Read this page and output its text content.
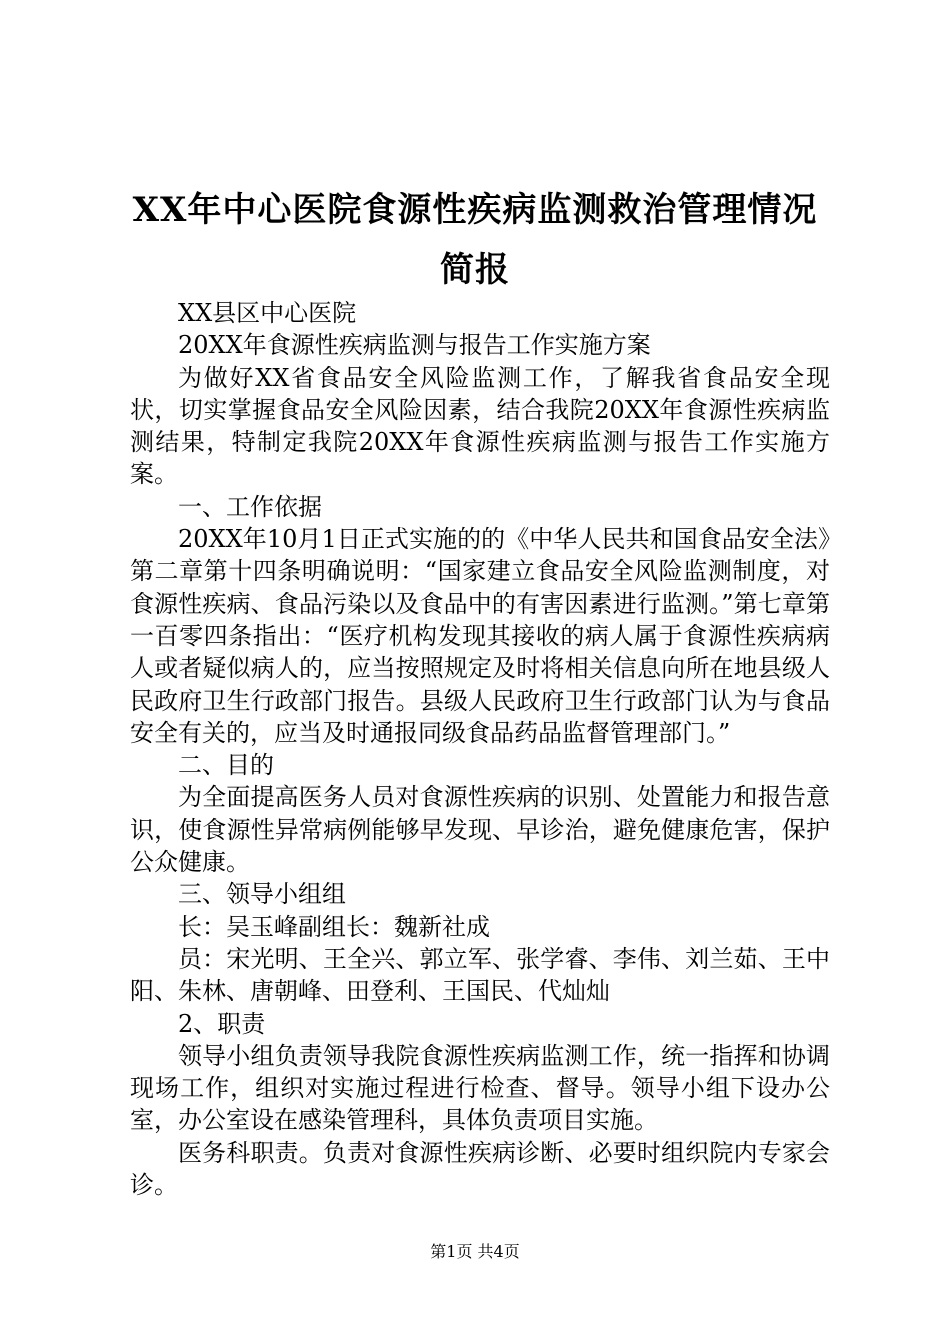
XX年中心医院食源性疾病监测救治管理情况
简报

XX县区中心医院

20XX年食源性疾病监测与报告工作实施方案

为做好XX省食品安全风险监测工作，了解我省食品安全现状，切实掌握食品安全风险因素，结合我院20XX年食源性疾病监测结果，特制定我院20XX年食源性疾病监测与报告工作实施方案。

一、工作依据

20XX年10月1日正式实施的的《中华人民共和国食品安全法》第二章第十四条明确说明：“国家建立食品安全风险监测制度，对食源性疾病、食品污染以及食品中的有害因素进行监测。”第七章第一百零四条指出：“医疗机构发现其接收的病人属于食源性疾病病人或者疑似病人的，应当按照规定及时将相关信息向所在地县级人民政府卫生行政部门报告。县级人民政府卫生行政部门认为与食品安全有关的，应当及时通报同级食品药品监督管理部门。”

二、目的

为全面提高医务人员对食源性疾病的识别、处置能力和报告意识，使食源性异常病例能够早发现、早诊治，避免健康危害，保护公众健康。

三、领导小组组

长：吴玉峰副组长：魏新社成

员：宋光明、王全兴、郭立军、张学睿、李伟、刘兰茹、王中阳、朱林、唐朝峰、田登利、王国民、代灿灿

2、职责

领导小组负责领导我院食源性疾病监测工作，统一指挥和协调现场工作，组织对实施过程进行检查、督导。领导小组下设办公室，办公室设在感染管理科，具体负责项目实施。

医务科职责。负责对食源性疾病诊断、必要时组织院内专家会诊。

第1页 共4页
